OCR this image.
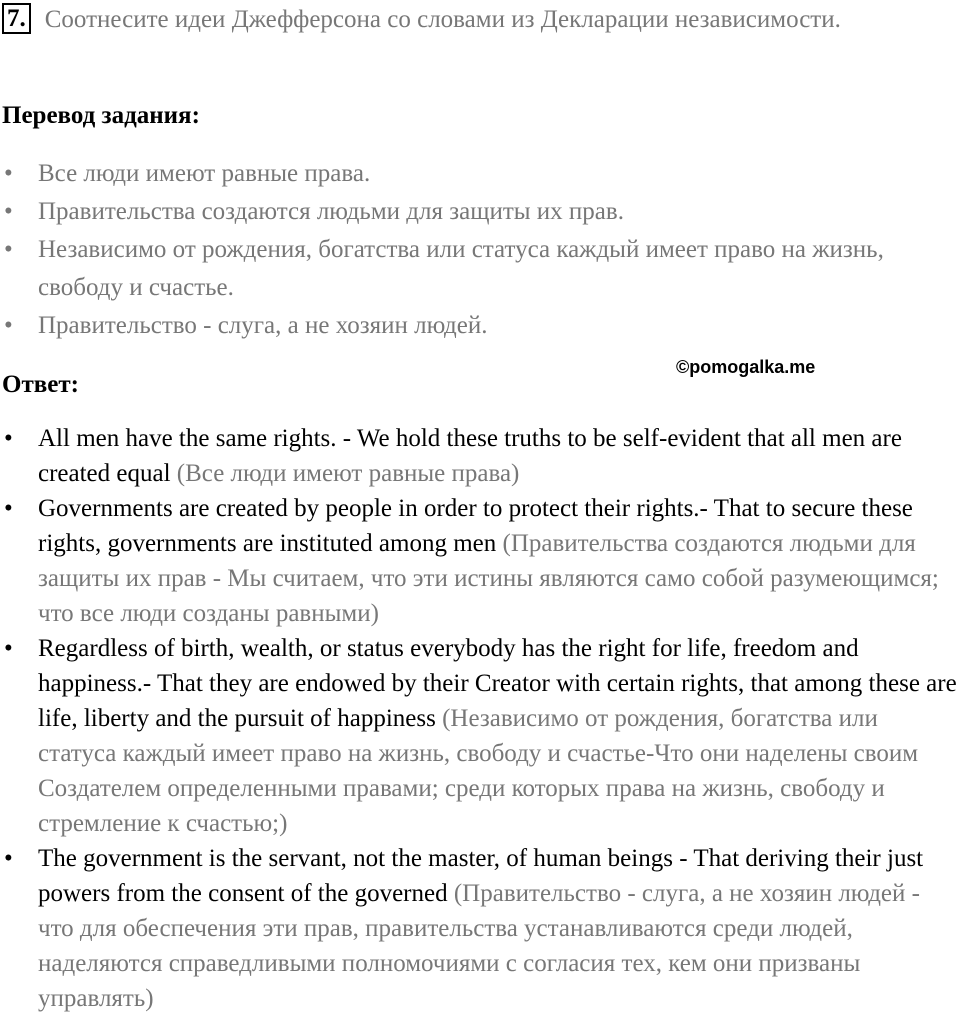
7. Соотнесите идеи Джефферсона со словами из Декларации независимости.
Перевод задания:
• Все люди имеют равные права.
• Правительства создаются людьми для защиты их прав.
• Независимо от рождения, богатства или статуса каждый имеет право на жизнь, свободу и счастье.
• Правительство - слуга, а не хозяин людей.
Ответ:
©pomogalka.me
• All men have the same rights. - We hold these truths to be self-evident that all men are created equal (Все люди имеют равные права)
• Governments are created by people in order to protect their rights.- That to secure these rights, governments are instituted among men (Правительства создаются людьми для защиты их прав - Мы считаем, что эти истины являются само собой разумеющимся; что все люди созданы равными)
• Regardless of birth, wealth, or status everybody has the right for life, freedom and happiness.- That they are endowed by their Creator with certain rights, that among these are life, liberty and the pursuit of happiness (Независимо от рождения, богатства или статуса каждый имеет право на жизнь, свободу и счастье-Что они наделены своим Создателем определенными правами; среди которых права на жизнь, свободу и стремление к счастью;)
• The government is the servant, not the master, of human beings - That deriving their just powers from the consent of the governed (Правительство - слуга, а не хозяин людей - что для обеспечения эти прав, правительства устанавливаются среди людей, наделяются справедливыми полномочиями с согласия тех, кем они призваны управлять)
